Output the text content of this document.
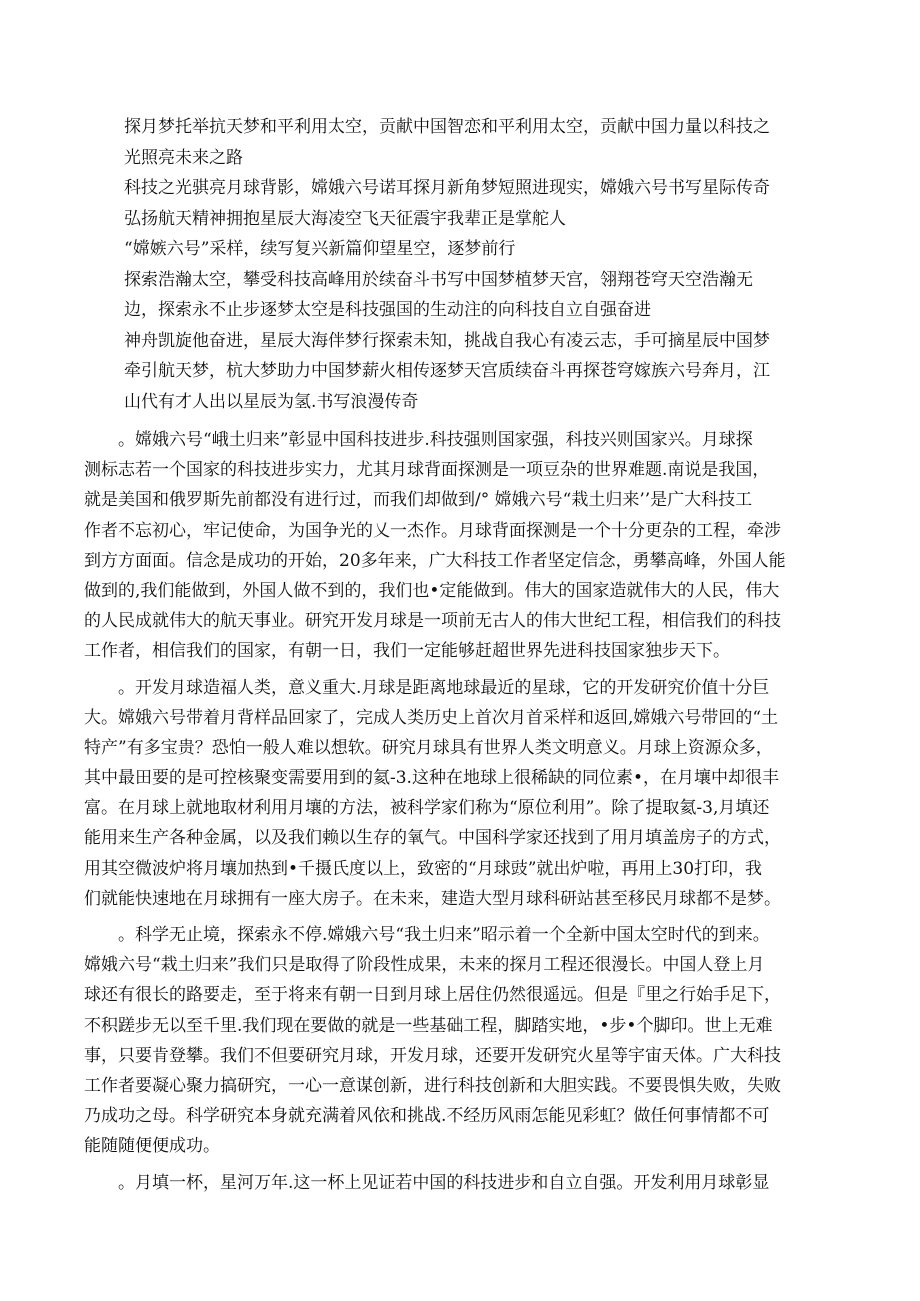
探月梦托举抗天梦和平利用太空，贡献中国智恋和平利用太空，贡献中国力量以科技之
光照亮未来之路
科技之光骐亮月球背影，嫦娥六号诺耳探月新角梦短照进现实，嫦娥六号书写星际传奇
弘扬航天精神拥抱星辰大海凌空飞天征震宇我辈正是掌舵人
“嫦嫉六号”采样，续写复兴新篇仰望星空，逐梦前行
探索浩瀚太空，攀受科技高峰用於续奋斗书写中国梦植梦天宫，翎翔苍穹天空浩瀚无
边，探索永不止步逐梦太空是科技强国的生动注的向科技自立自强奋进
神舟凯旋他奋进，星辰大海伴梦行探索未知，挑战自我心有凌云志，手可摘星辰中国梦
牵引航天梦，杭大梦助力中国梦薪火相传逐梦天宫质续奋斗再探苍穹嫁族六号奔月，江
山代有才人出以星辰为氢.书写浪漫传奇
。嫦娥六号“峨土归来”彰显中国科技进步.科技强则国家强，科技兴则国家兴。月球探
测标志若一个国家的科技进步实力，尤其月球背面探测是一项豆杂的世界难题.南说是我国，
就是美国和俄罗斯先前都没有进行过，而我们却做到/° 嫦娥六号“栽土归来’’是广大科技工
作者不忘初心，牢记使命，为国争光的乂一杰作。月球背面探测是一个十分更杂的工程，牵涉
到方方面面。信念是成功的开始，20多年来，广大科技工作者坚定信念，勇攀高峰，外国人能
做到的,我们能做到，外国人做不到的，我们也•定能做到。伟大的国家造就伟大的人民，伟大
的人民成就伟大的航天事业。研究开发月球是一项前无古人的伟大世纪工程，相信我们的科技
工作者，相信我们的国家，有朝一日，我们一定能够赶超世界先进科技国家独步天下。
。开发月球造福人类，意义重大.月球是距离地球最近的星球，它的开发研究价值十分巨
大。嫦娥六号带着月背样品回家了，完成人类历史上首次月首采样和返回,嫦娥六号带回的“土
特产”有多宝贵？恐怕一般人难以想软。研究月球具有世界人类文明意义。月球上资源众多，
其中最田要的是可控核聚变需要用到的氦-3.这种在地球上很稀缺的同位素•，在月壤中却很丰
富。在月球上就地取材利用月壤的方法，被科学家们称为“原位利用”。除了提取氦-3,月填还
能用来生产各种金属，以及我们赖以生存的氧气。中国科学家还找到了用月填盖房子的方式，
用其空微波炉将月壤加热到•千摄氏度以上，致密的“月球豉”就出炉啦，再用上30打印，我
们就能快速地在月球拥有一座大房子。在未来，建造大型月球科研站甚至移民月球都不是梦。
。科学无止境，探索永不停.嫦娥六号“我土归来”昭示着一个全新中国太空时代的到来。
嫦娥六号“栽土归来”我们只是取得了阶段性成果，未来的探月工程还很漫长。中国人登上月
球还有很长的路要走，至于将来有朝一日到月球上居住仍然很遥远。但是『里之行始手足下，
不积蹉步无以至千里.我们现在要做的就是一些基础工程，脚踏实地，•步•个脚印。世上无难
事，只要肯登攀。我们不但要研究月球，开发月球，还要开发研究火星等宇宙天体。广大科技
工作者要凝心聚力搞研究，一心一意谋创新，进行科技创新和大胆实践。不要畏惧失败，失败
乃成功之母。科学研究本身就充满着风依和挑战.不经历风雨怎能见彩虹？做任何事情都不可
能随随便便成功。
。月填一杯，星河万年.这一杯上见证若中国的科技进步和自立自强。开发利用月球彰显
